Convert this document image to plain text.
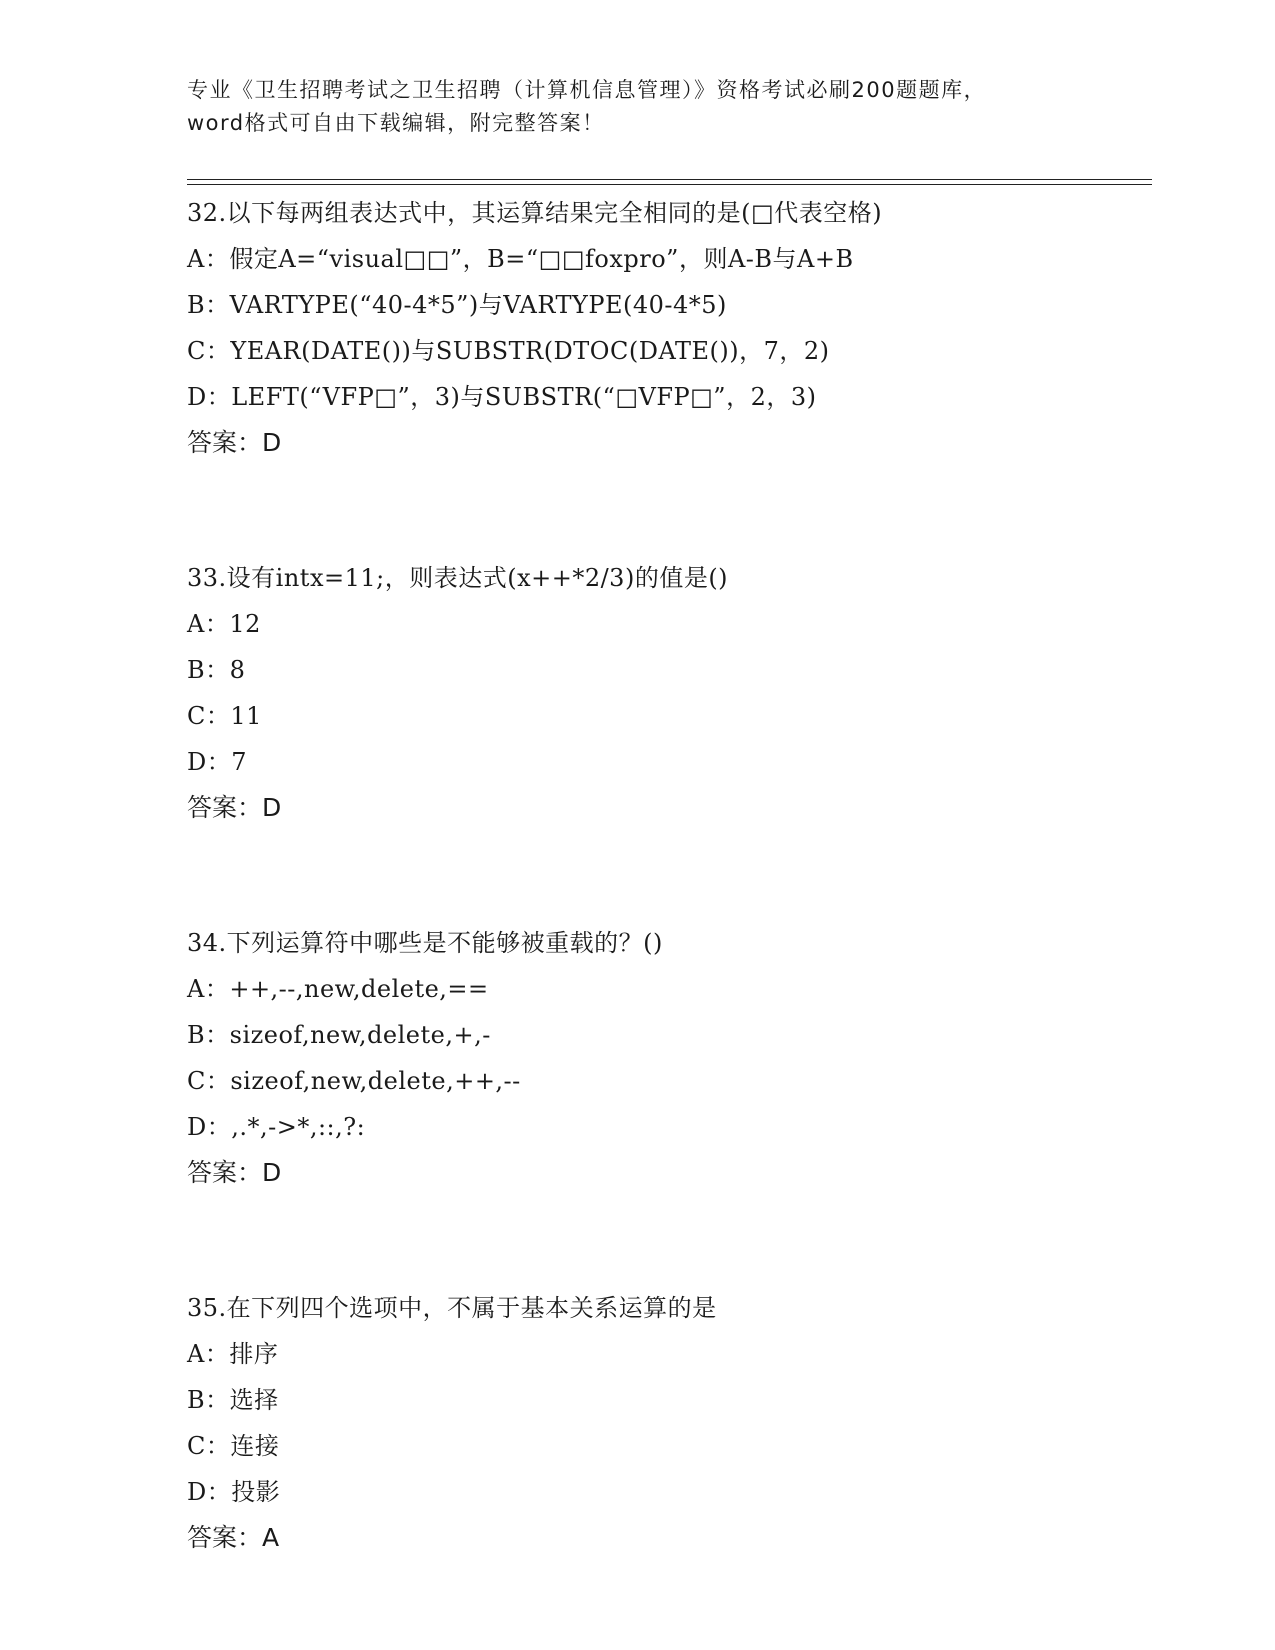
专业《卫生招聘考试之卫生招聘（计算机信息管理）》资格考试必刷200题题库，
word格式可自由下载编辑，附完整答案！
32.以下每两组表达式中，其运算结果完全相同的是(□代表空格)
A：假定A=“visual□□”，B=“□□foxpro”，则A-B与A+B
B：VARTYPE(“40-4*5”)与VARTYPE(40-4*5)
C：YEAR(DATE())与SUBSTR(DTOC(DATE())，7，2)
D：LEFT(“VFP□”，3)与SUBSTR(“□VFP□”，2，3)
答案：D
33.设有intx=11;，则表达式(x++*2/3)的值是()
A：12
B：8
C：11
D：7
答案：D
34.下列运算符中哪些是不能够被重载的？()
A：++,--,new,delete,==
B：sizeof,new,delete,+,-
C：sizeof,new,delete,++,--
D：,.*,->*,::,?:
答案：D
35.在下列四个选项中，不属于基本关系运算的是
A：排序
B：选择
C：连接
D：投影
答案：A
